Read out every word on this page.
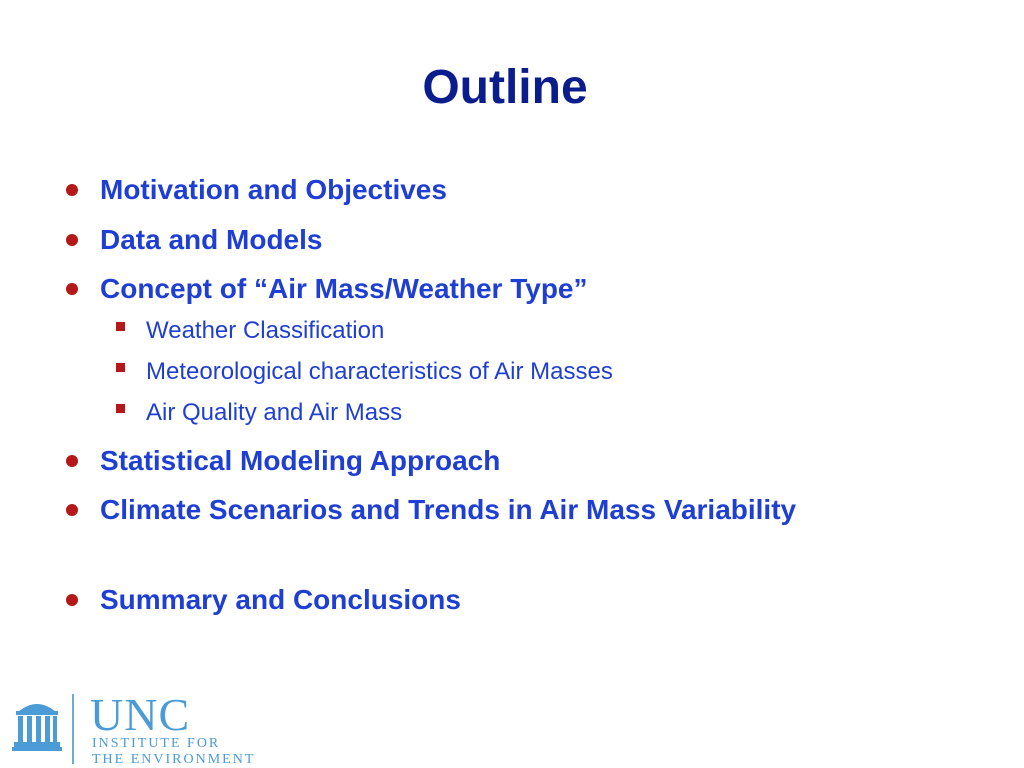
Outline
Motivation and Objectives
Data and Models
Concept of “Air Mass/Weather Type”
Weather Classification
Meteorological characteristics of Air Masses
Air Quality and Air Mass
Statistical Modeling Approach
Climate Scenarios and Trends in Air Mass Variability
Summary and Conclusions
UNC
INSTITUTE FOR
THE ENVIRONMENT
